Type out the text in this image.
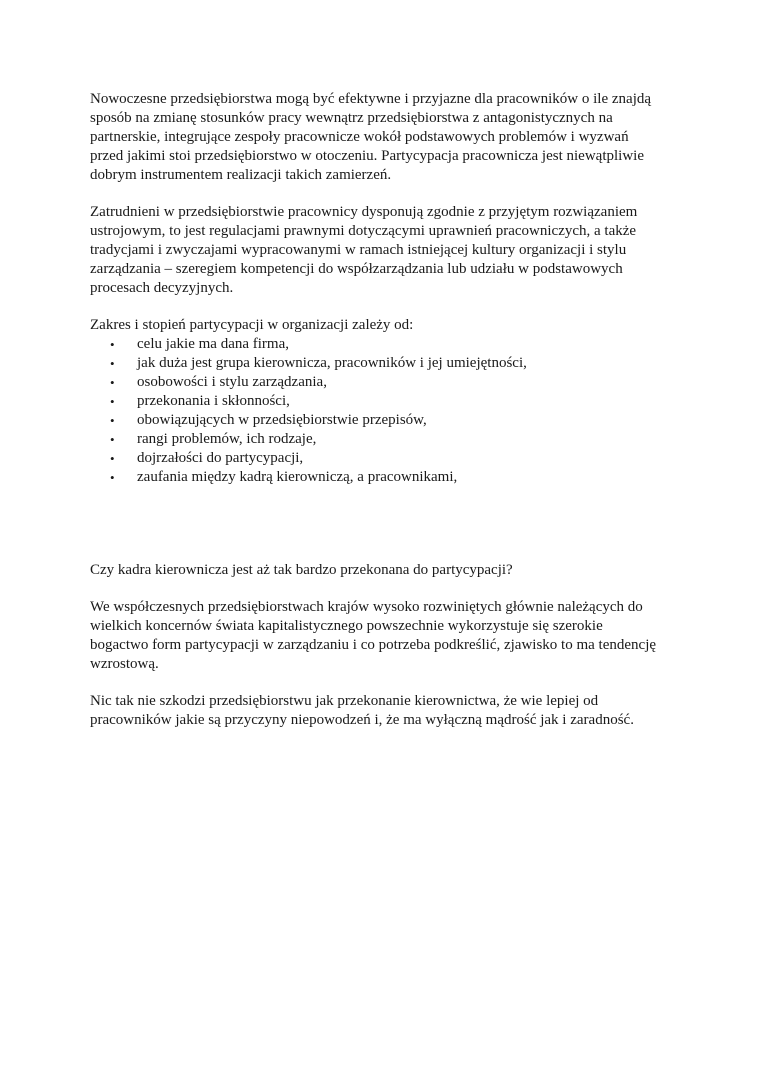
Nowoczesne przedsiębiorstwa mogą być efektywne i przyjazne dla pracowników o ile znajdą
sposób na zmianę stosunków pracy wewnątrz przedsiębiorstwa z antagonistycznych na
partnerskie, integrujące zespoły pracownicze wokół podstawowych problemów i wyzwań
przed jakimi stoi przedsiębiorstwo w otoczeniu. Partycypacja pracownicza jest niewątpliwie
dobrym instrumentem realizacji takich zamierzeń.

Zatrudnieni w przedsiębiorstwie pracownicy dysponują zgodnie z przyjętym rozwiązaniem
ustrojowym, to jest regulacjami prawnymi dotyczącymi uprawnień pracowniczych, a także
tradycjami i zwyczajami wypracowanymi w ramach istniejącej kultury organizacji i stylu
zarządzania – szeregiem kompetencji do współzarządzania lub udziału w podstawowych
procesach decyzyjnych.

Zakres i stopień partycypacji w organizacji zależy od:

• celu jakie ma dana firma,
• jak duża jest grupa kierownicza, pracowników i jej umiejętności,
• osobowości i stylu zarządzania,
• przekonania i skłonności,
• obowiązujących w przedsiębiorstwie przepisów,
• rangi problemów, ich rodzaje,
• dojrzałości do partycypacji,
• zaufania między kadrą kierowniczą, a pracownikami,

Czy kadra kierownicza jest aż tak bardzo przekonana do partycypacji?

We współczesnych przedsiębiorstwach krajów wysoko rozwiniętych głównie należących do
wielkich koncernów świata kapitalistycznego powszechnie wykorzystuje się szerokie
bogactwo form partycypacji w zarządzaniu i co potrzeba podkreślić, zjawisko to ma tendencję
wzrostową.

Nic tak nie szkodzi przedsiębiorstwu jak przekonanie kierownictwa, że wie lepiej od
pracowników jakie są przyczyny niepowodzeń i, że ma wyłączną mądrość jak i zaradność.
